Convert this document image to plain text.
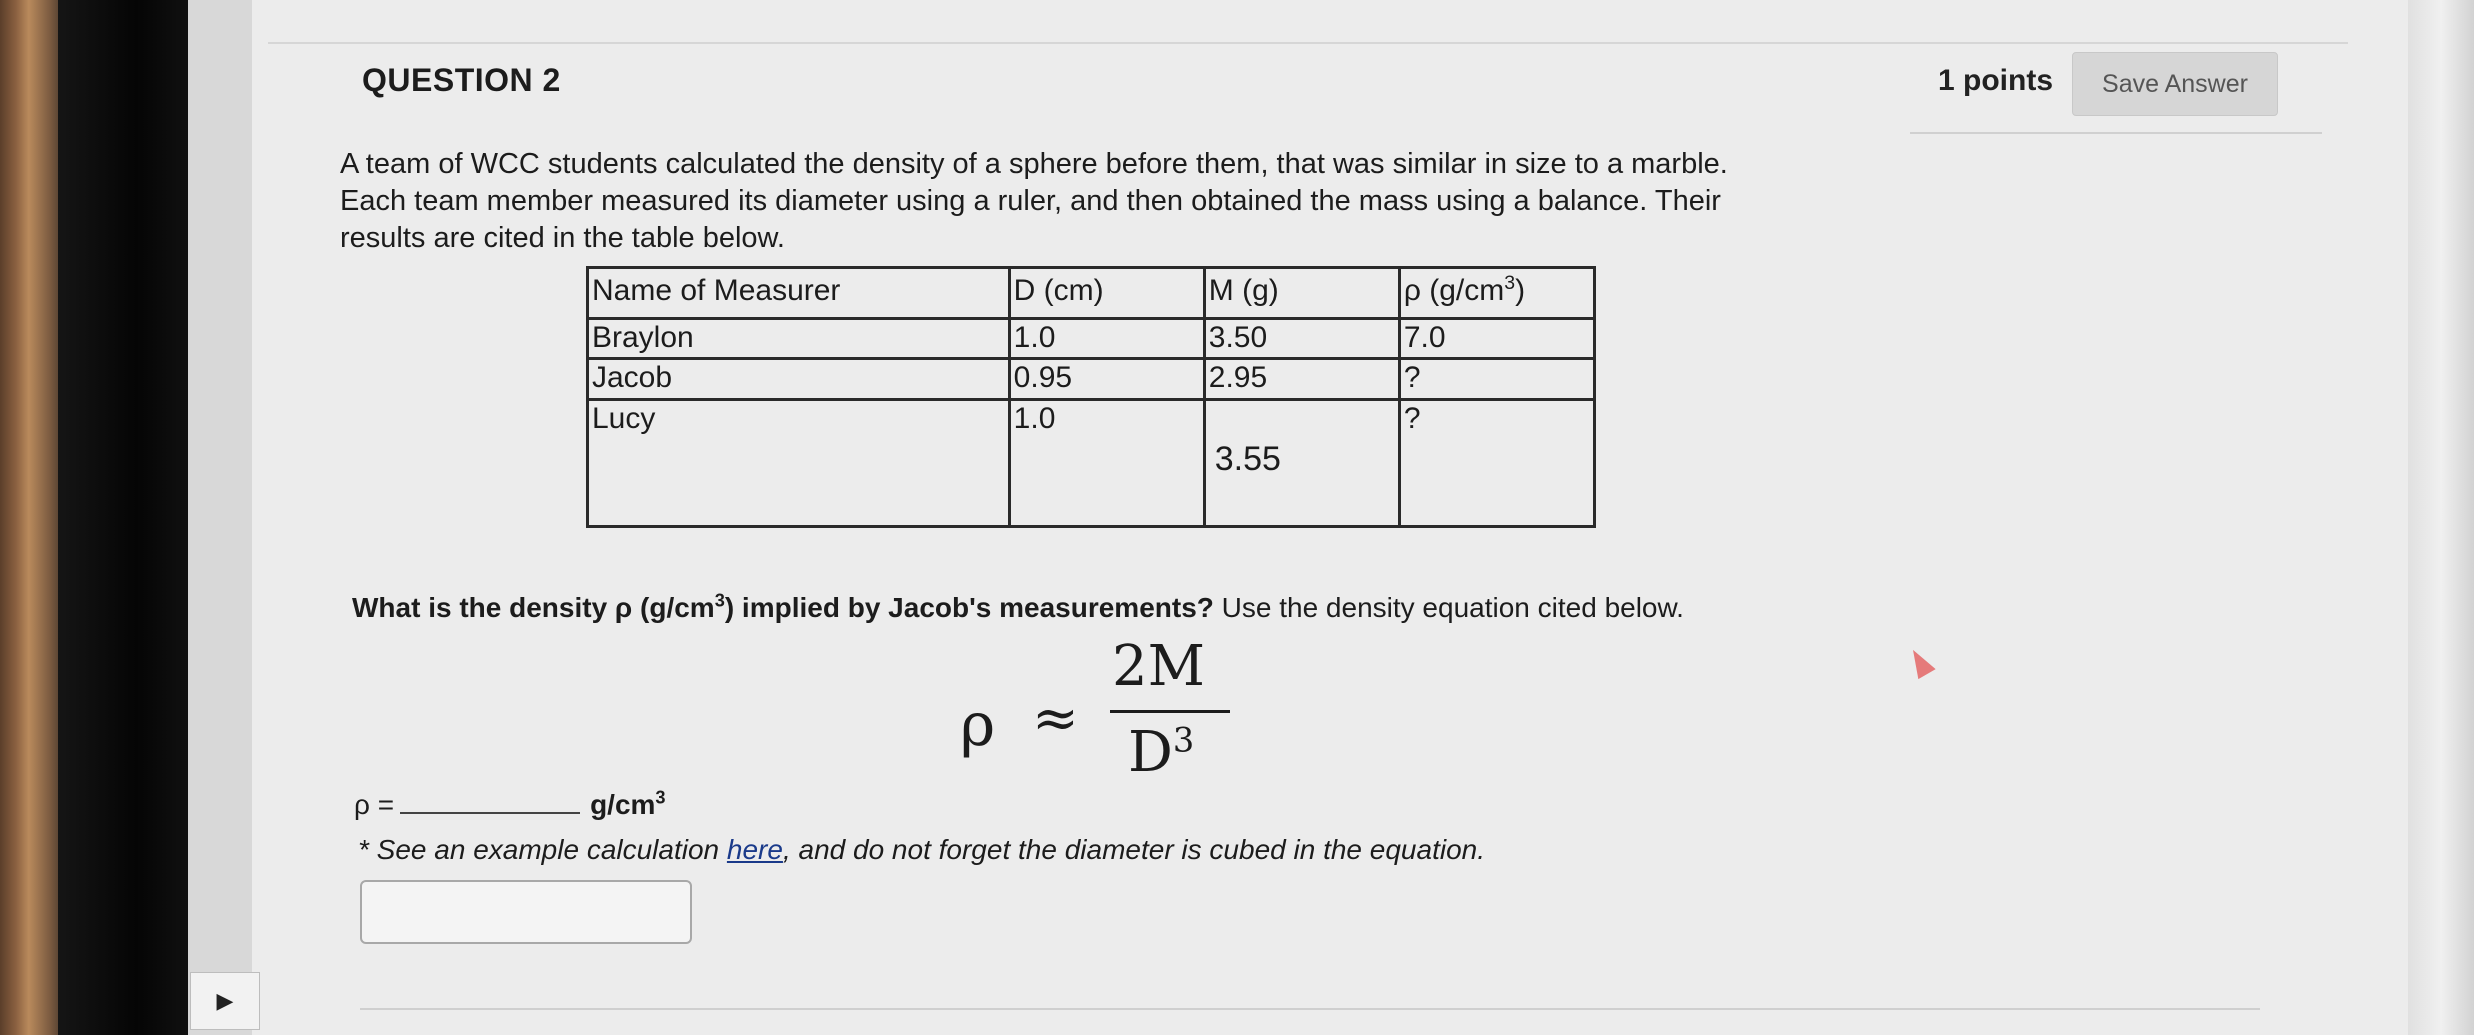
QUESTION 2	1 points	Save Answer
A team of WCC students calculated the density of a sphere before them, that was similar in size to a marble.
Each team member measured its diameter using a ruler, and then obtained the mass using a balance. Their
results are cited in the table below.
Name of Measurer	D (cm)	M (g)	ρ $(g/cm^3)$
Braylon	1.0	3.50	7.0
Jacob	0.95	2.95	?
Lucy	1.0	3.55	?
What is the density ρ $(g/cm^3)$ implied by Jacob's measurements? Use the density equation cited below.
ρ ≈
2M
$D^3$
ρ =	$g/cm^3$
* See an example calculation here, and do not forget the diameter is cubed in the equation.
▶
